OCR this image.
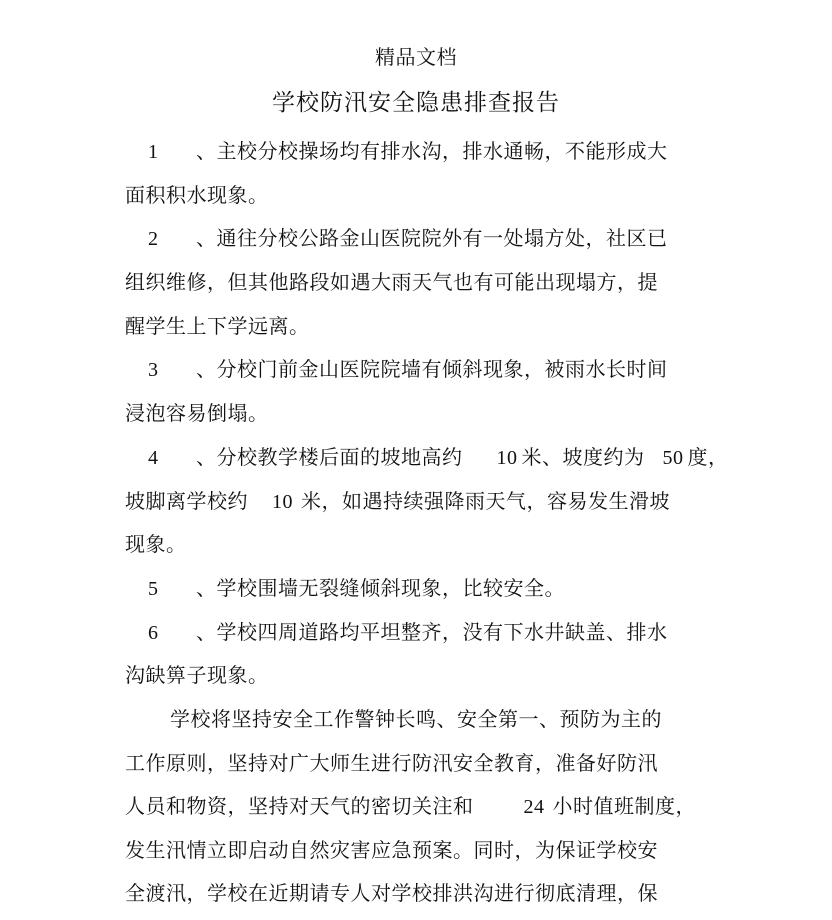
精品文档
学校防汛安全隐患排查报告
1 、主校分校操场均有排水沟，排水通畅，不能形成大
面积积水现象。
2 、通往分校公路金山医院院外有一处塌方处，社区已
组织维修，但其他路段如遇大雨天气也有可能出现塌方，提
醒学生上下学远离。
3 、分校门前金山医院院墙有倾斜现象，被雨水长时间
浸泡容易倒塌。
4 、分校教学楼后面的坡地高约 10 米、坡度约为 50 度，
坡脚离学校约 10 米，如遇持续强降雨天气，容易发生滑坡
现象。
5 、学校围墙无裂缝倾斜现象，比较安全。
6 、学校四周道路均平坦整齐，没有下水井缺盖、排水
沟缺箅子现象。
学校将坚持安全工作警钟长鸣、安全第一、预防为主的
工作原则，坚持对广大师生进行防汛安全教育，准备好防汛
人员和物资，坚持对天气的密切关注和	24 小时值班制度，
发生汛情立即启动自然灾害应急预案。同时，为保证学校安
全渡汛，学校在近期请专人对学校排洪沟进行彻底清理，保
